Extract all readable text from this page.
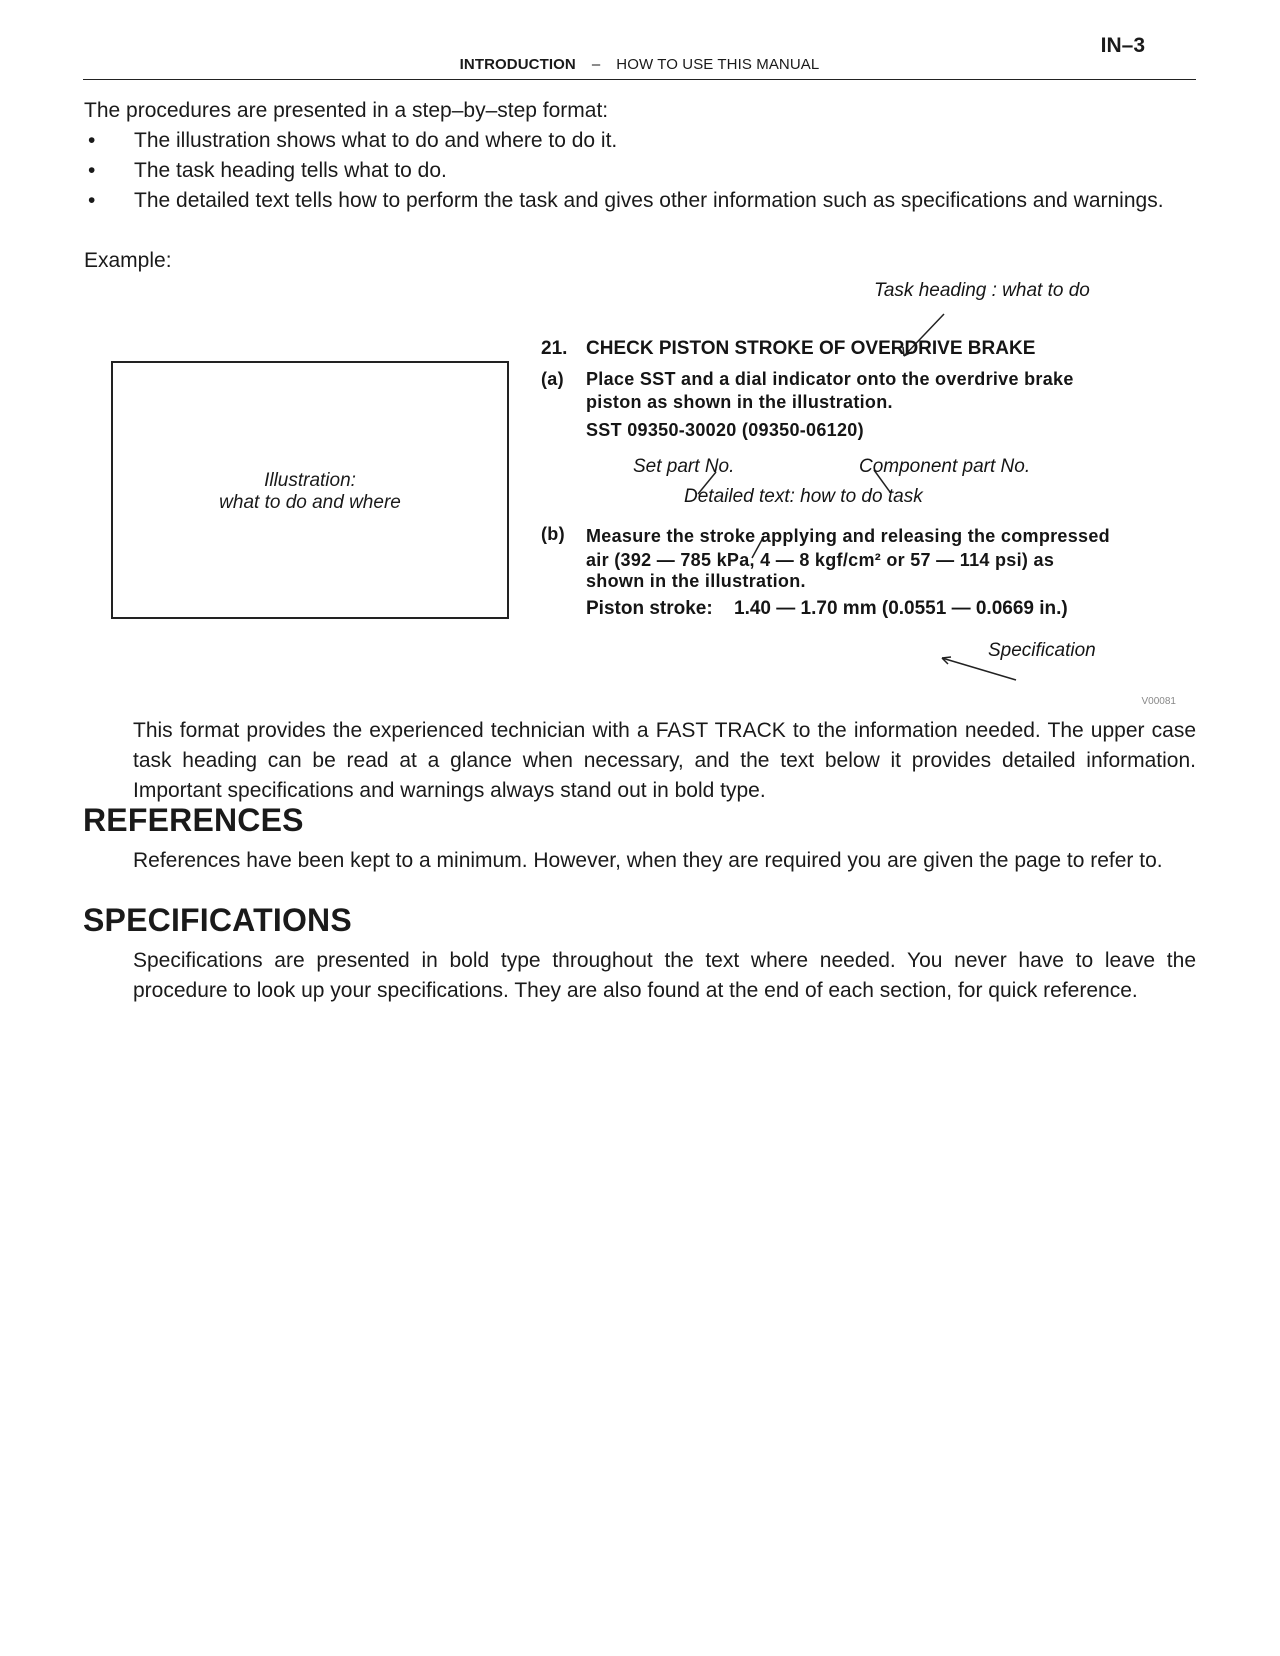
IN–3
INTRODUCTION – HOW TO USE THIS MANUAL
The procedures are presented in a step–by–step format:
• The illustration shows what to do and where to do it.
• The task heading tells what to do.
• The detailed text tells how to perform the task and gives other information such as specifications and warnings.
Example:
Task heading : what to do
21. CHECK PISTON STROKE OF OVERDRIVE BRAKE
(a) Place SST and a dial indicator onto the overdrive brake
piston as shown in the illustration.
SST 09350-30020 (09350-06120)
Set part No.	Component part No.
Detailed text: how to do task
(b) Measure the stroke applying and releasing the compressed
air (392 — 785 kPa, 4 — 8 kgf/cm² or 57 — 114 psi) as
shown in the illustration.
Piston stroke: 1.40 — 1.70 mm (0.0551 — 0.0669 in.)
Specification
Illustration:
what to do and where
V00081
This format provides the experienced technician with a FAST TRACK to the information needed. The upper case task heading can be read at a glance when necessary, and the text below it provides detailed information. Important specifications and warnings always stand out in bold type.
REFERENCES
References have been kept to a minimum. However, when they are required you are given the page to refer to.
SPECIFICATIONS
Specifications are presented in bold type throughout the text where needed. You never have to leave the procedure to look up your specifications. They are also found at the end of each section, for quick reference.
